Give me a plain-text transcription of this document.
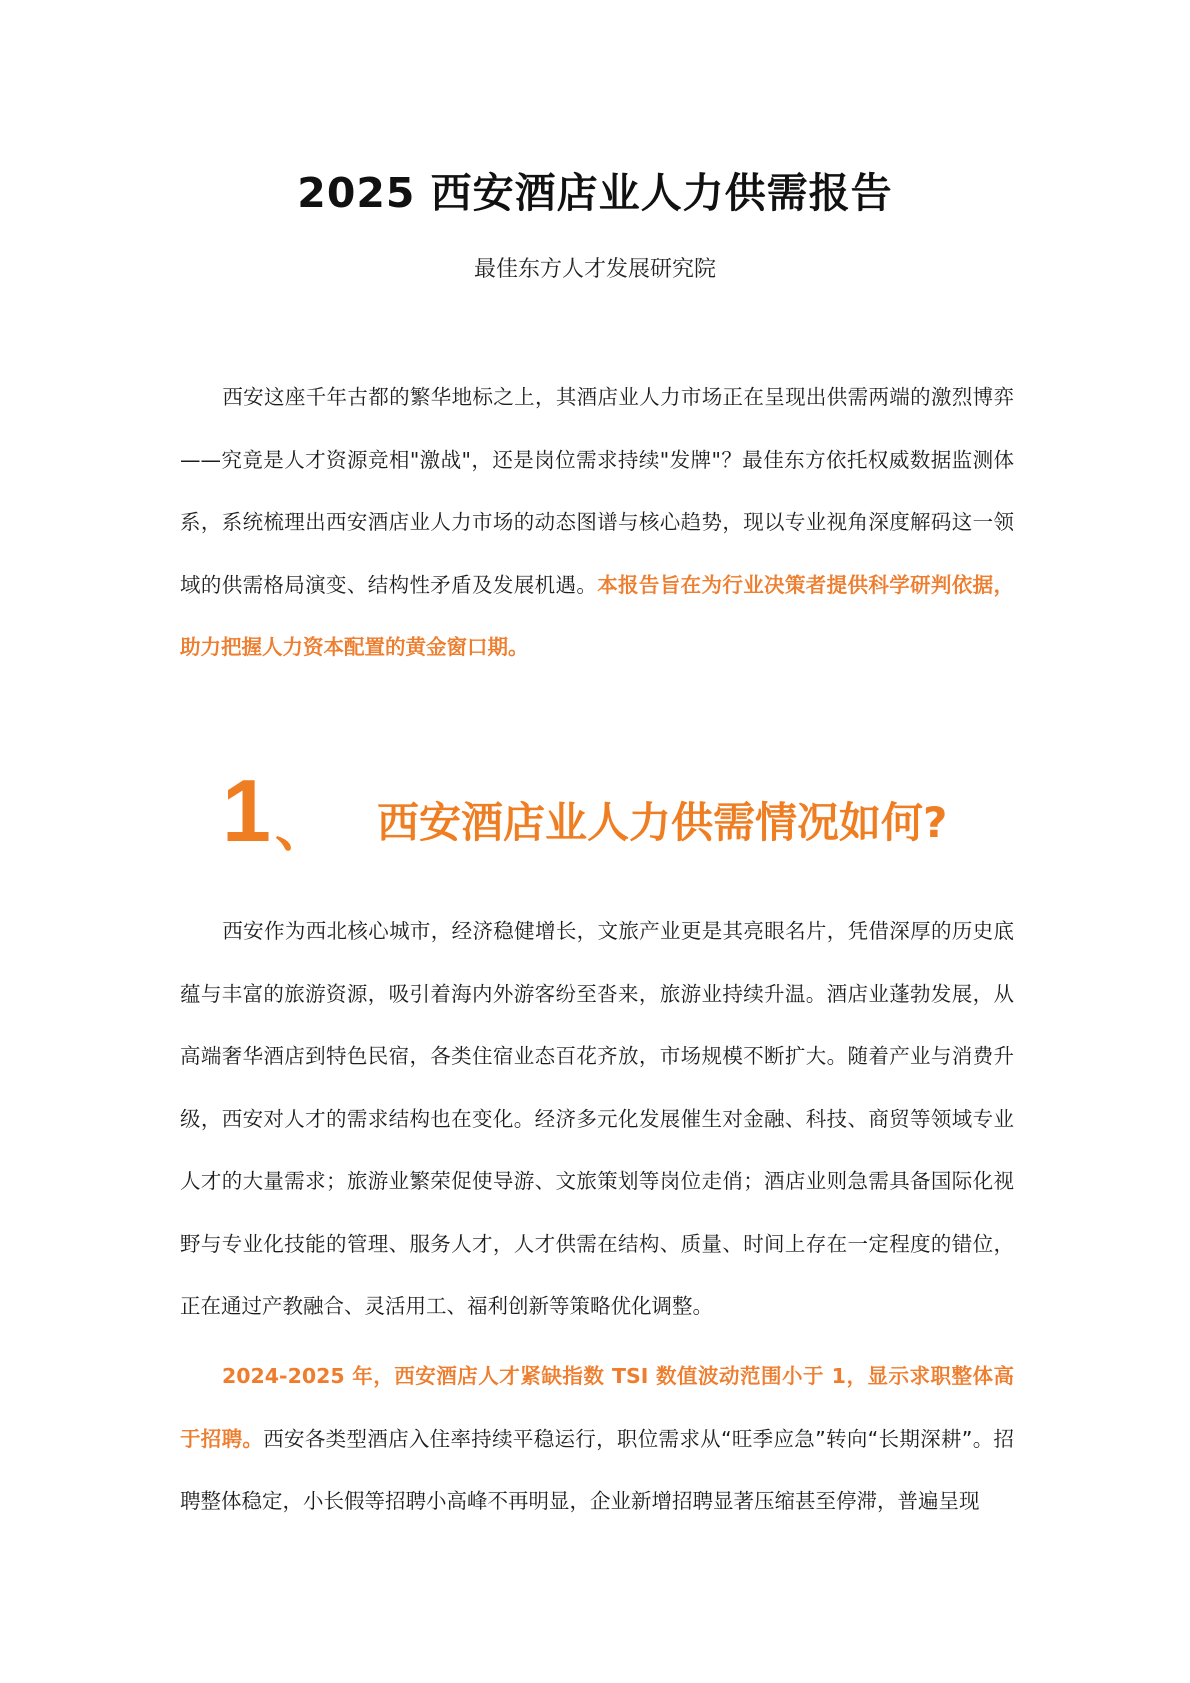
2025 西安酒店业人力供需报告

最佳东方人才发展研究院

西安这座千年古都的繁华地标之上，其酒店业人力市场正在呈现出供需两端的激烈博弈——究竟是人才资源竞相"激战"，还是岗位需求持续"发牌"？最佳东方依托权威数据监测体系，系统梳理出西安酒店业人力市场的动态图谱与核心趋势，现以专业视角深度解码这一领域的供需格局演变、结构性矛盾及发展机遇。本报告旨在为行业决策者提供科学研判依据，助力把握人力资本配置的黄金窗口期。

1 、 西安酒店业人力供需情况如何?

西安作为西北核心城市，经济稳健增长，文旅产业更是其亮眼名片，凭借深厚的历史底蕴与丰富的旅游资源，吸引着海内外游客纷至沓来，旅游业持续升温。酒店业蓬勃发展，从高端奢华酒店到特色民宿，各类住宿业态百花齐放，市场规模不断扩大。随着产业与消费升级，西安对人才的需求结构也在变化。经济多元化发展催生对金融、科技、商贸等领域专业人才的大量需求；旅游业繁荣促使导游、文旅策划等岗位走俏；酒店业则急需具备国际化视野与专业化技能的管理、服务人才，人才供需在结构、质量、时间上存在一定程度的错位，正在通过产教融合、灵活用工、福利创新等策略优化调整。

2024-2025 年，西安酒店人才紧缺指数 TSI 数值波动范围小于 1，显示求职整体高于招聘。西安各类型酒店入住率持续平稳运行，职位需求从“旺季应急”转向“长期深耕”。招聘整体稳定，小长假等招聘小高峰不再明显，企业新增招聘显著压缩甚至停滞，普遍呈现
